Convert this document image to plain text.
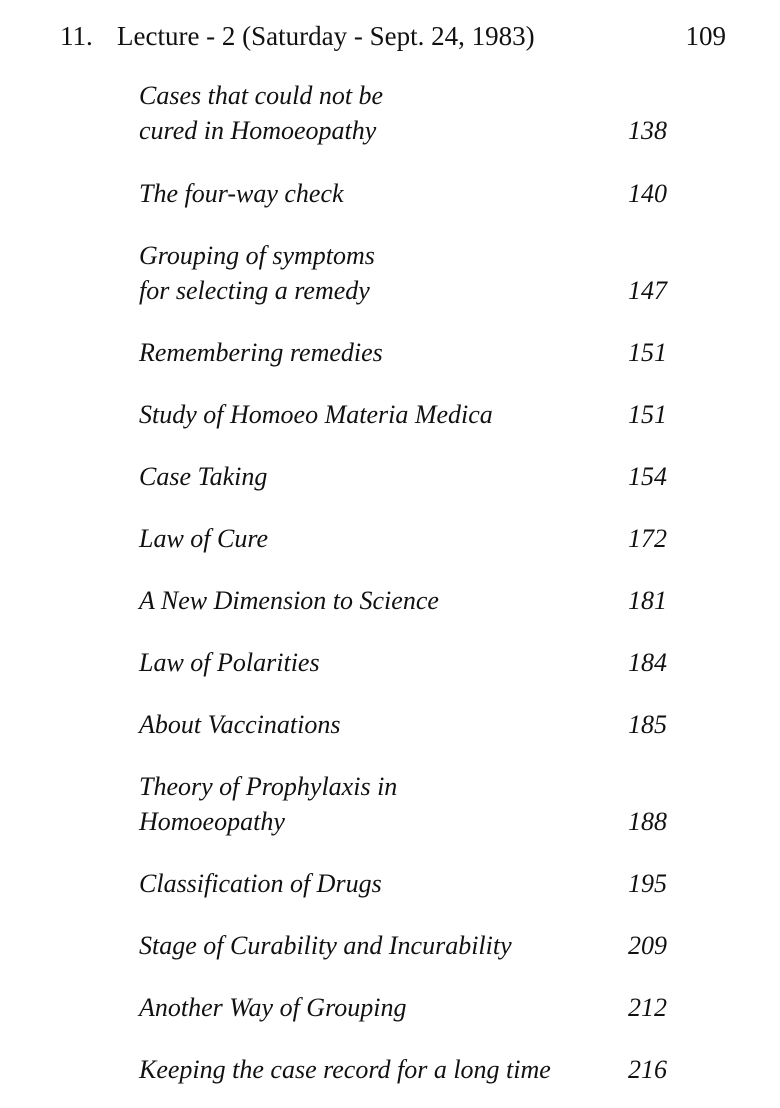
11. Lecture - 2 (Saturday - Sept. 24, 1983)	109
Cases that could not be
cured in Homoeopathy	138
The four-way check	140
Grouping of symptoms
for selecting a remedy	147
Remembering remedies	151
Study of Homoeo Materia Medica	151
Case Taking	154
Law of Cure	172
A New Dimension to Science	181
Law of Polarities	184
About Vaccinations	185
Theory of Prophylaxis in
Homoeopathy	188
Classification of Drugs	195
Stage of Curability and Incurability	209
Another Way of Grouping	212
Keeping the case record for a long time	216
